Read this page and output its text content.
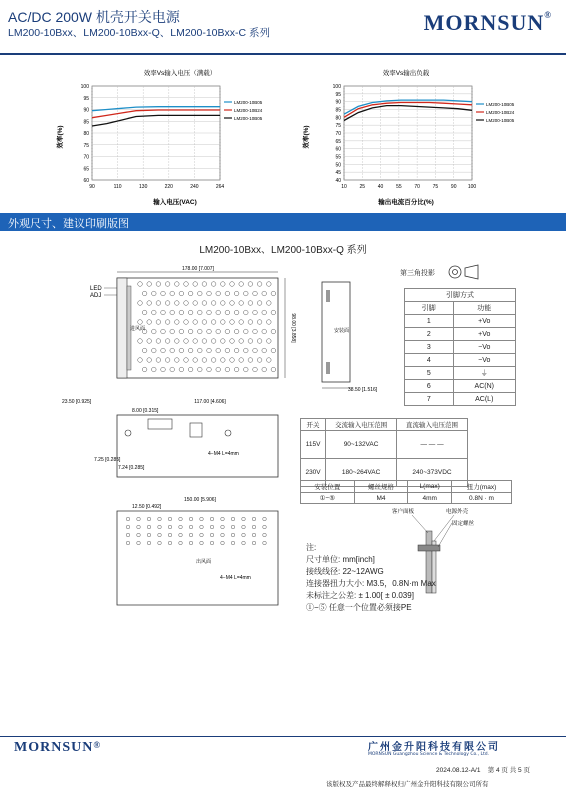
AC/DC 200W 机壳开关电源
LM200-10Bxx、LM200-10Bxx-Q、LM200-10Bxx-C 系列	MORNSUN®
效率Vs输入电压（满载）
60
65
70
75
80
85
90
95
100
90	110	130	220	240	264
输入电压(VAC)
效率(%)
LM200-10B05
LM200-10B24
LM200-10B05
效率Vs输出负载
40
45
50
55
60
65
70
75
80
85
90
95
100
10	25	40	55	70	75	90 100
输出电流百分比(%)
效率(%)
LM200-10B05
LM200-10B24
LM200-10B05
外观尺寸、建议印刷版图
LM200-10Bxx、LM200-10Bxx-Q 系列
第三角投影
178.00 [7.007]
进风面	98.00 [3.858]
LED
ADJ
安装面
38.50 [1.516]
117.00 [4.606]
23.50 [0.925]
8.00 [0.315]
4−M4 L=4mm
7.24 [0.285]
7.25 [0.285]
150.00 [5.906]
12.50 [0.492]
出风面
4−M4 L=4mm
引脚方式	
引脚	功能
1	+Vo
2	+Vo
3	−Vo
4	−Vo
5	⏚
6	AC(N)
7	AC(L)
开关	交流输入电压范围	直流输入电压范围
115V	90~132VAC	— — —
230V	180~264VAC	240~373VDC
安装位置	螺丝规格	L(max)	扭力(max)
①−⑤	M4	4mm	0.8N · m
客户面板	电源外壳
固定螺丝
注:
尺寸单位: mm[inch]
接线线径: 22~12AWG
连接器扭力大小: M3.5，0.8N·m Max
未标注之公差: ± 1.00[ ± 0.039]
①−⑤ 任意一个位置必须接PE
MORNSUN®	广州金升阳科技有限公司
MORNSUN Guangzhou Science & Technology Co., Ltd.
2024.08.12-A/1 第 4 页 共 5 页
该版权及产品最终解释权归广州金升阳科技有限公司所有
